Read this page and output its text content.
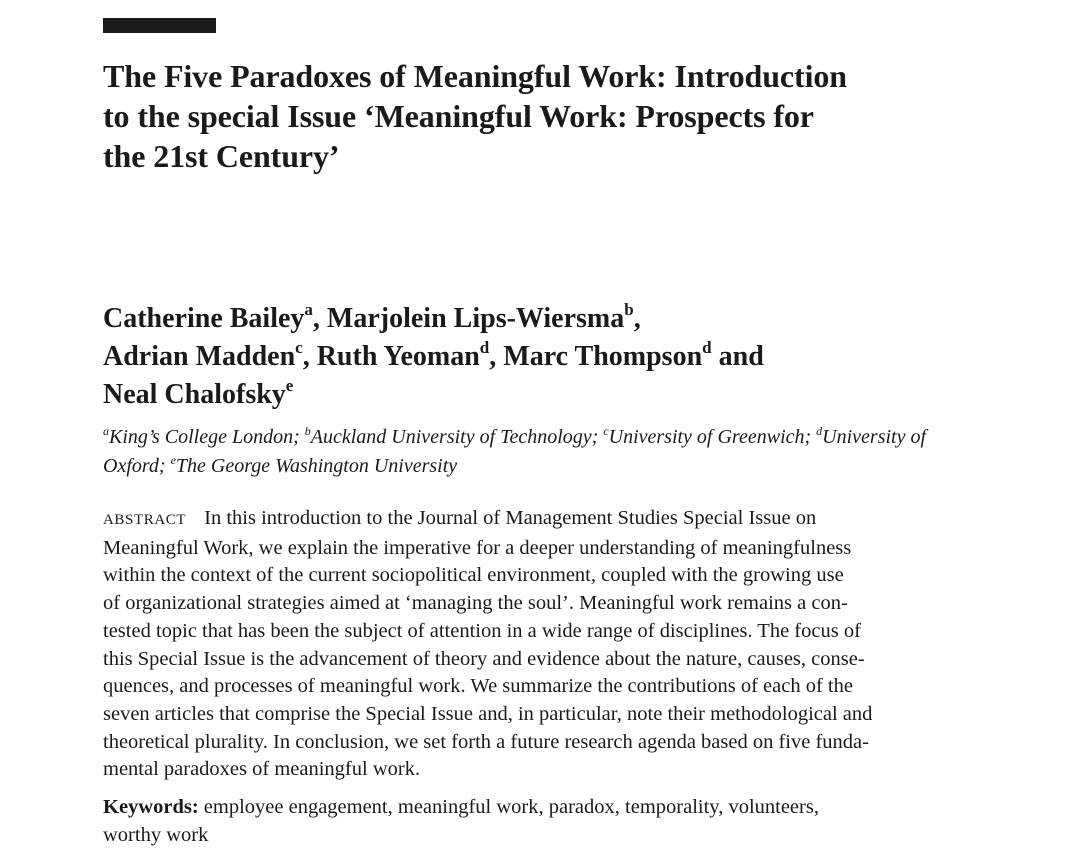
The Five Paradoxes of Meaningful Work: Introduction
to the special Issue ‘Meaningful Work: Prospects for
the 21st Century’
Catherine Bailey$^a$, Marjolein Lips-Wiersma$^b$,
Adrian Madden$^c$, Ruth Yeoman$^d$, Marc Thompson$^d$ and
Neal Chalofsky$^e$
$^a$King’s College London; $^b$Auckland University of Technology; $^c$University of Greenwich; $^d$University of
Oxford; $^e$The George Washington University
ABSTRACT In this introduction to the Journal of Management Studies Special Issue on
Meaningful Work, we explain the imperative for a deeper understanding of meaningfulness
within the context of the current sociopolitical environment, coupled with the growing use
of organizational strategies aimed at ‘managing the soul’. Meaningful work remains a con-
tested topic that has been the subject of attention in a wide range of disciplines. The focus of
this Special Issue is the advancement of theory and evidence about the nature, causes, conse-
quences, and processes of meaningful work. We summarize the contributions of each of the
seven articles that comprise the Special Issue and, in particular, note their methodological and
theoretical plurality. In conclusion, we set forth a future research agenda based on five funda-
mental paradoxes of meaningful work.
Keywords: employee engagement, meaningful work, paradox, temporality, volunteers,
worthy work
